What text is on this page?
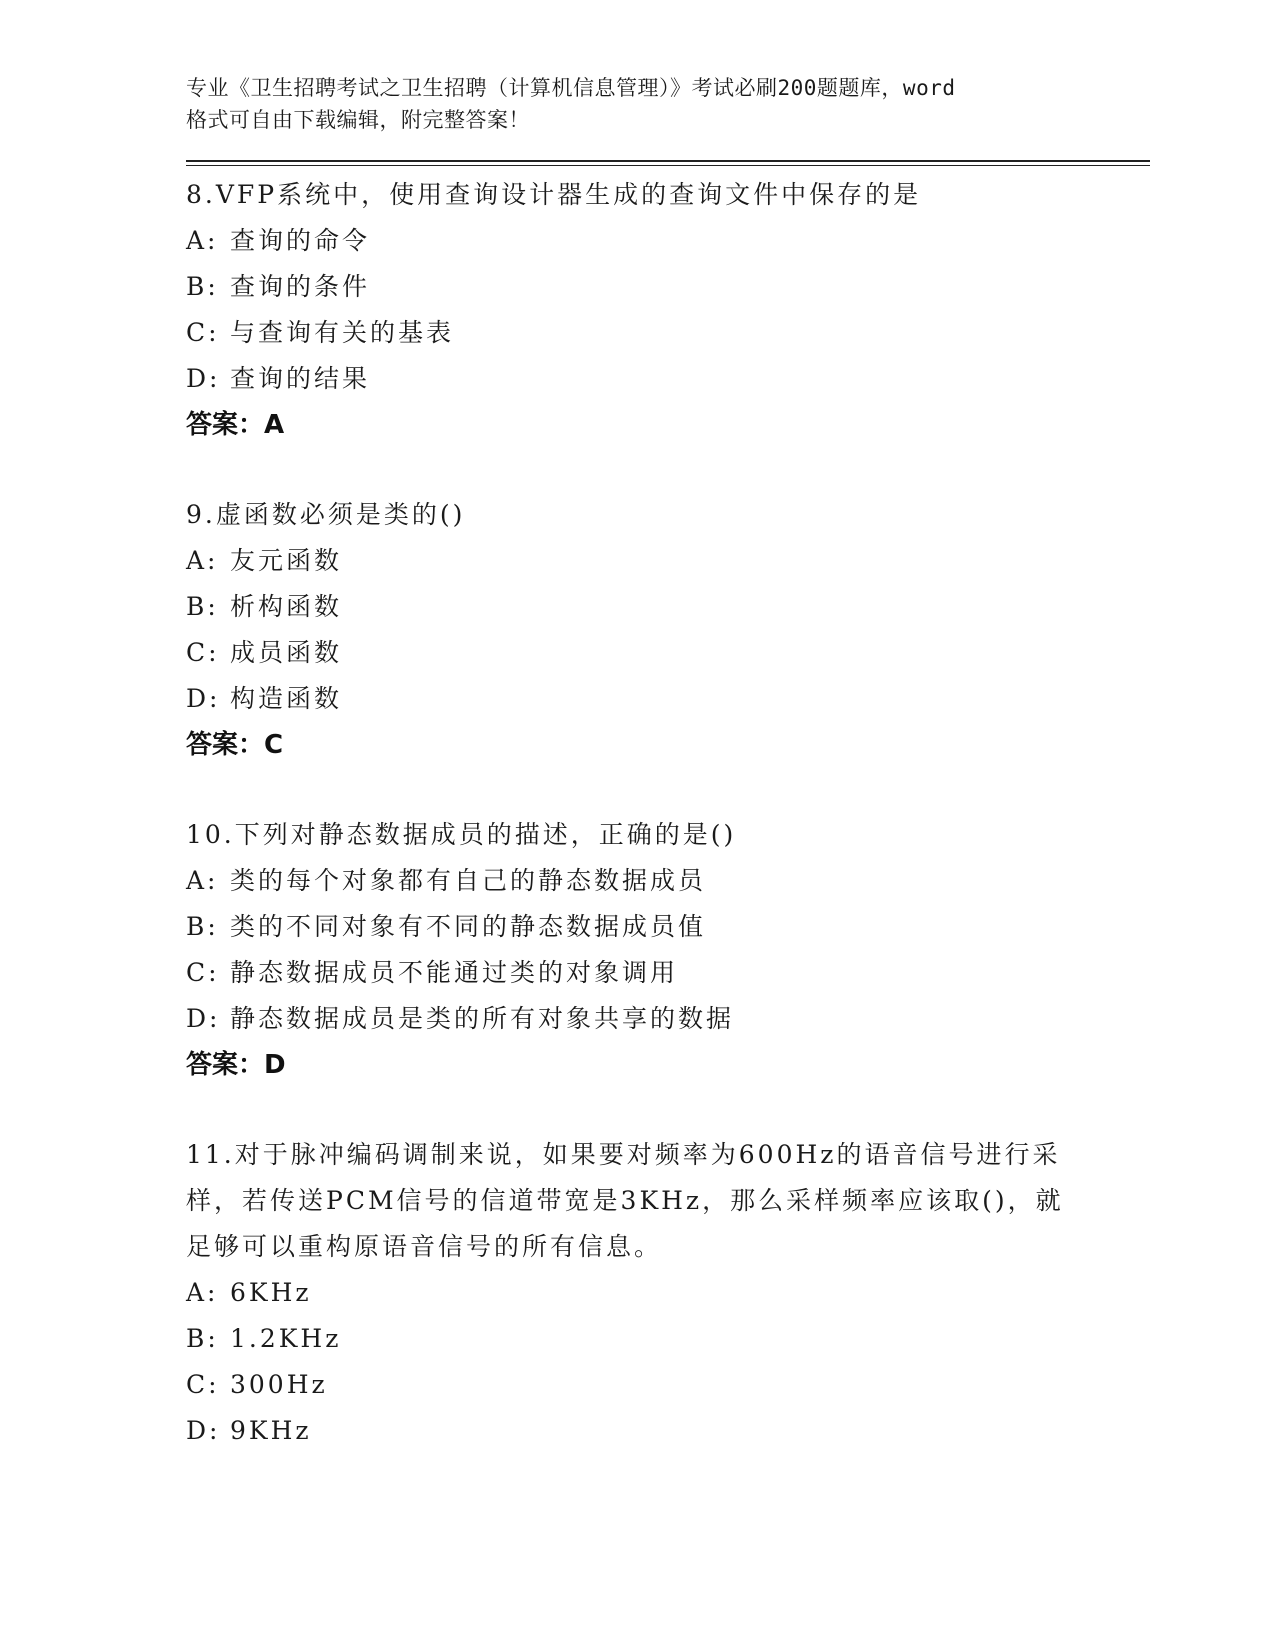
专业《卫生招聘考试之卫生招聘（计算机信息管理）》考试必刷200题题库，word
格式可自由下载编辑，附完整答案！
8.VFP系统中，使用查询设计器生成的查询文件中保存的是
A: 查询的命令
B: 查询的条件
C: 与查询有关的基表
D: 查询的结果
答案：A
9.虚函数必须是类的()
A: 友元函数
B: 析构函数
C: 成员函数
D: 构造函数
答案：C
10.下列对静态数据成员的描述，正确的是()
A: 类的每个对象都有自己的静态数据成员
B: 类的不同对象有不同的静态数据成员值
C: 静态数据成员不能通过类的对象调用
D: 静态数据成员是类的所有对象共享的数据
答案：D
11.对于脉冲编码调制来说，如果要对频率为600Hz的语音信号进行采样，若传送PCM信号的信道带宽是3KHz，那么采样频率应该取()，就足够可以重构原语音信号的所有信息。
A: 6KHz
B: 1.2KHz
C: 300Hz
D: 9KHz
